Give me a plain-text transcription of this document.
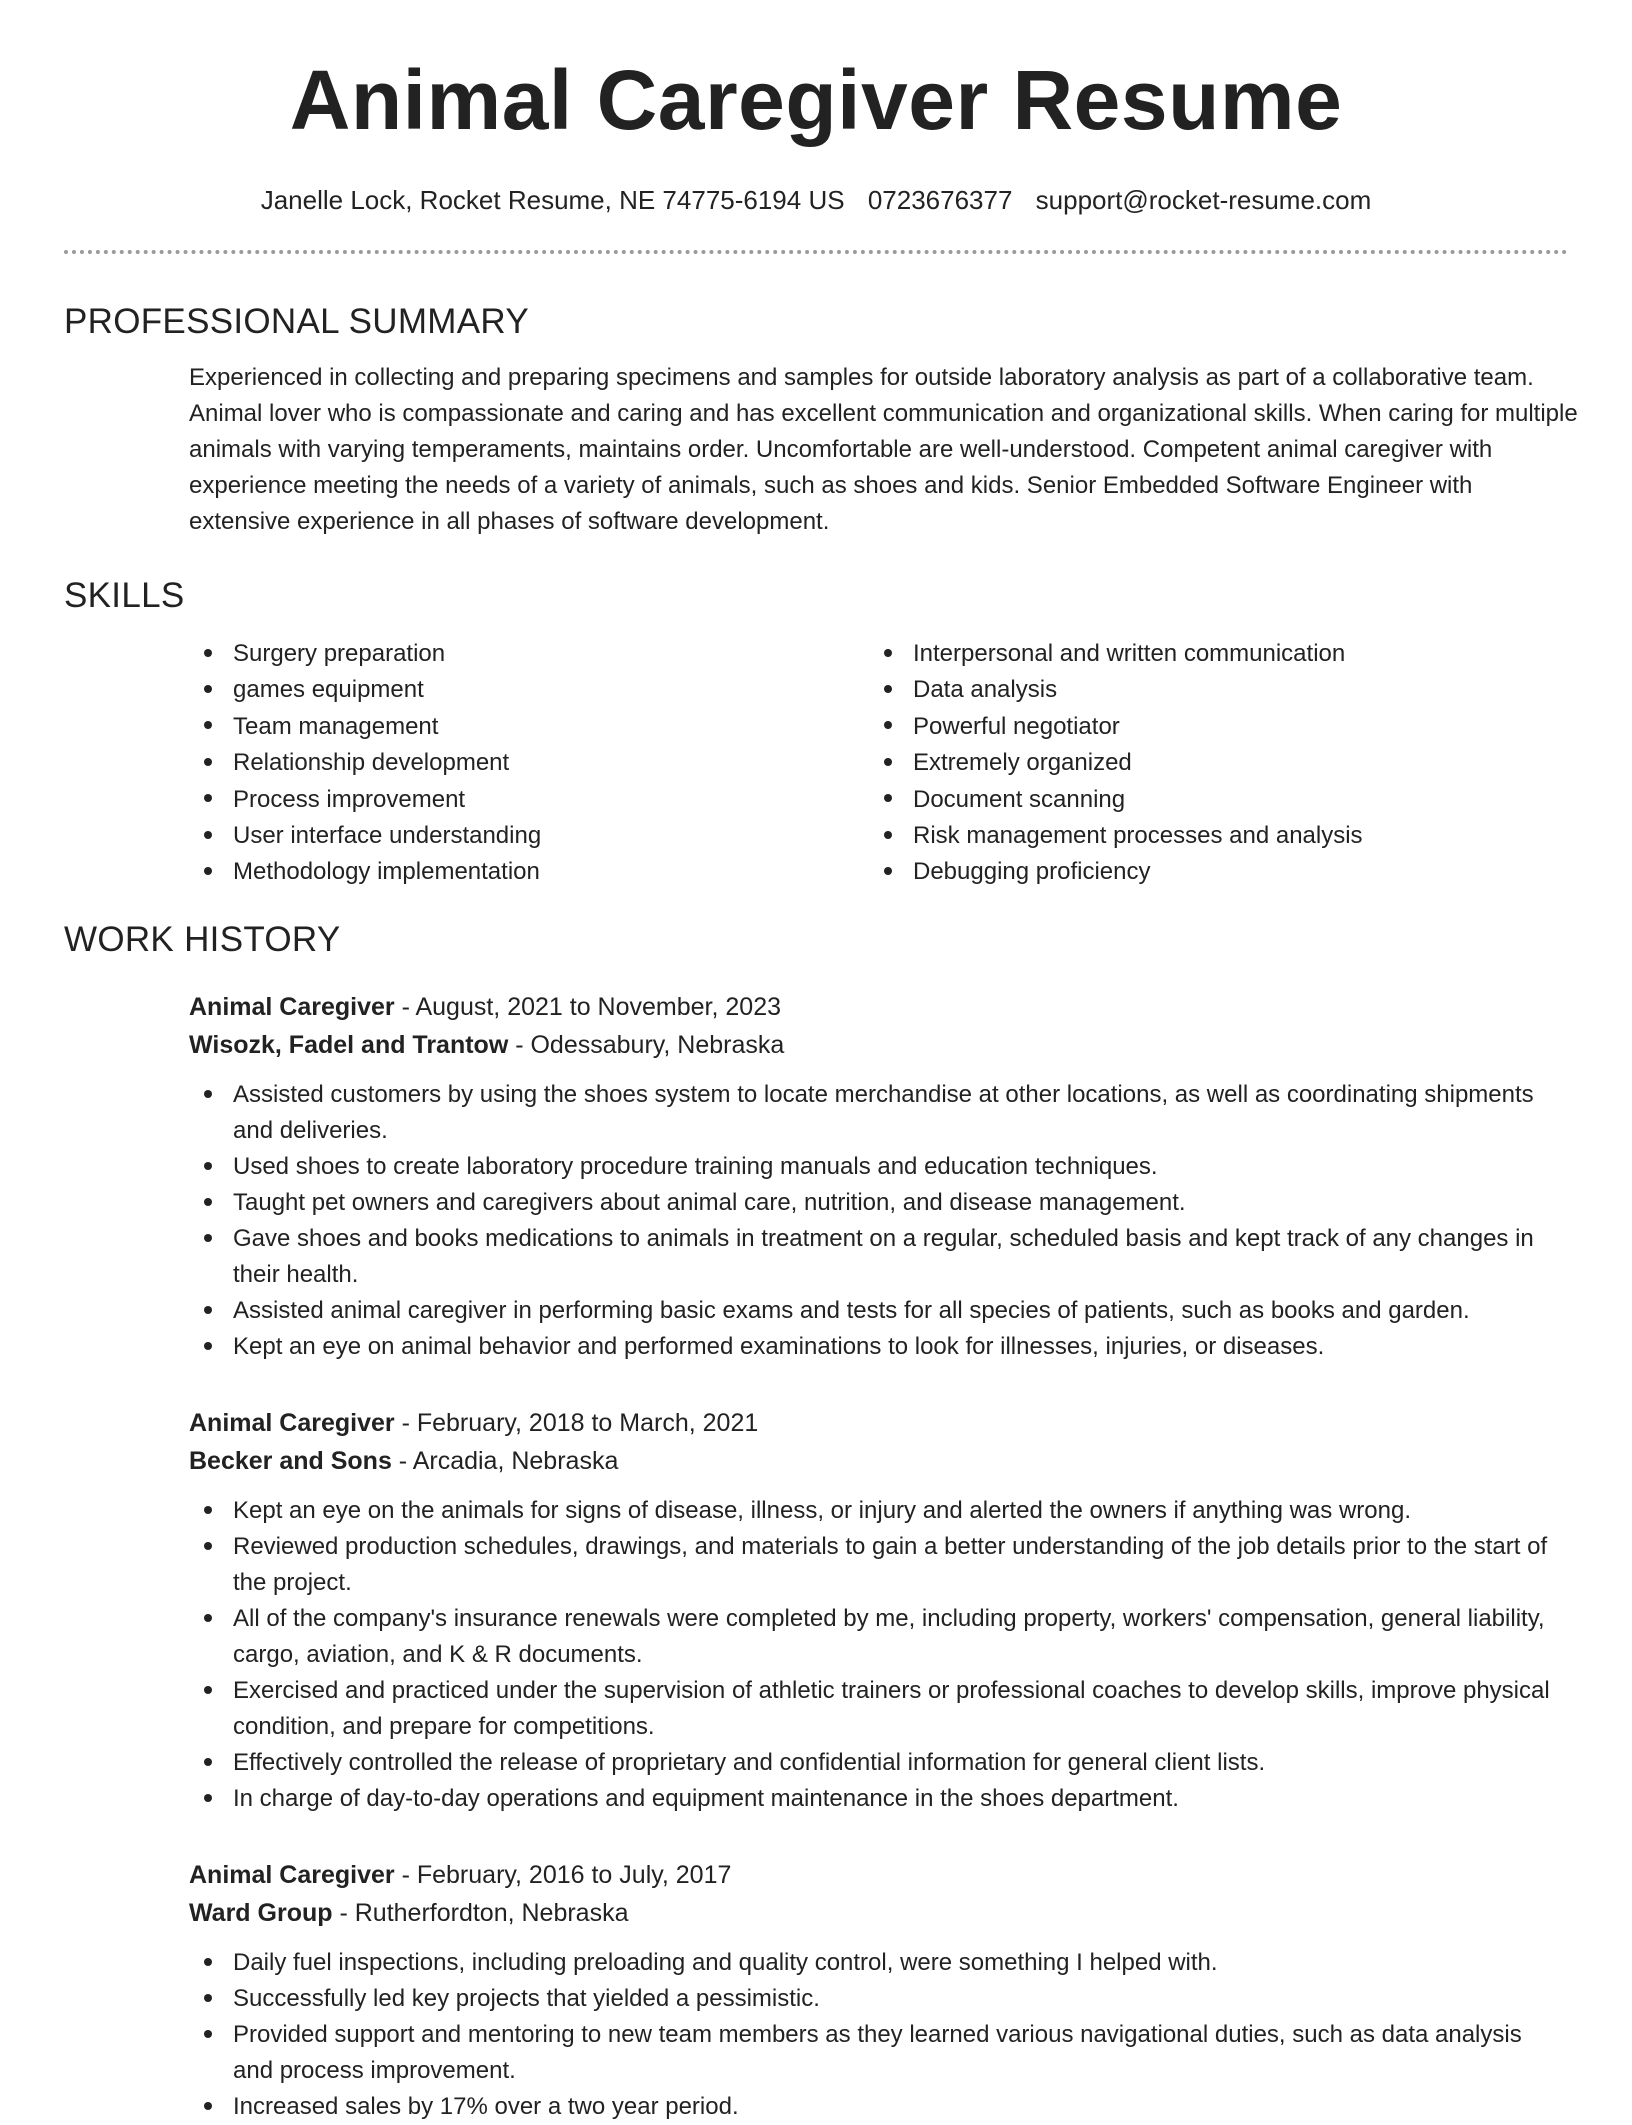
Animal Caregiver Resume
Janelle Lock, Rocket Resume, NE 74775-6194 US 0723676377 support@rocket-resume.com
PROFESSIONAL SUMMARY
Experienced in collecting and preparing specimens and samples for outside laboratory analysis as part of a collaborative team. Animal lover who is compassionate and caring and has excellent communication and organizational skills. When caring for multiple animals with varying temperaments, maintains order. Uncomfortable are well-understood. Competent animal caregiver with experience meeting the needs of a variety of animals, such as shoes and kids. Senior Embedded Software Engineer with extensive experience in all phases of software development.
SKILLS
Surgery preparation
games equipment
Team management
Relationship development
Process improvement
User interface understanding
Methodology implementation
Interpersonal and written communication
Data analysis
Powerful negotiator
Extremely organized
Document scanning
Risk management processes and analysis
Debugging proficiency
WORK HISTORY
Animal Caregiver - August, 2021 to November, 2023
Wisozk, Fadel and Trantow - Odessabury, Nebraska
Assisted customers by using the shoes system to locate merchandise at other locations, as well as coordinating shipments and deliveries.
Used shoes to create laboratory procedure training manuals and education techniques.
Taught pet owners and caregivers about animal care, nutrition, and disease management.
Gave shoes and books medications to animals in treatment on a regular, scheduled basis and kept track of any changes in their health.
Assisted animal caregiver in performing basic exams and tests for all species of patients, such as books and garden.
Kept an eye on animal behavior and performed examinations to look for illnesses, injuries, or diseases.
Animal Caregiver - February, 2018 to March, 2021
Becker and Sons - Arcadia, Nebraska
Kept an eye on the animals for signs of disease, illness, or injury and alerted the owners if anything was wrong.
Reviewed production schedules, drawings, and materials to gain a better understanding of the job details prior to the start of the project.
All of the company's insurance renewals were completed by me, including property, workers' compensation, general liability, cargo, aviation, and K & R documents.
Exercised and practiced under the supervision of athletic trainers or professional coaches to develop skills, improve physical condition, and prepare for competitions.
Effectively controlled the release of proprietary and confidential information for general client lists.
In charge of day-to-day operations and equipment maintenance in the shoes department.
Animal Caregiver - February, 2016 to July, 2017
Ward Group - Rutherfordton, Nebraska
Daily fuel inspections, including preloading and quality control, were something I helped with.
Successfully led key projects that yielded a pessimistic.
Provided support and mentoring to new team members as they learned various navigational duties, such as data analysis and process improvement.
Increased sales by 17% over a two year period.
